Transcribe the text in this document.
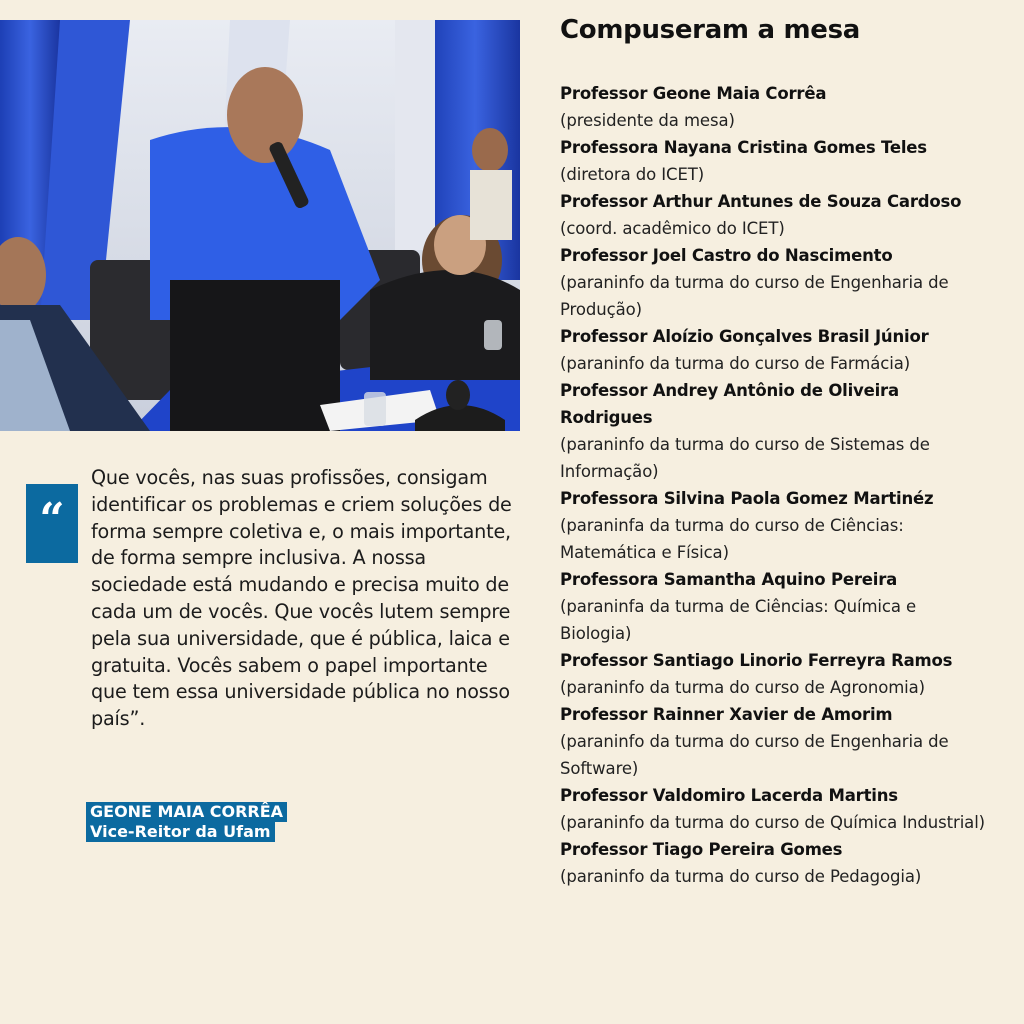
“

Que vocês, nas suas profissões, consigam identificar os problemas e criem soluções de forma sempre coletiva e, o mais importante, de forma sempre inclusiva. A nossa sociedade está mudando e precisa muito de cada um de vocês. Que vocês lutem sempre pela sua universidade, que é pública, laica e gratuita. Vocês sabem o papel importante que tem essa universidade pública no nosso país”.

GEONE MAIA CORRÊA
Vice-Reitor da Ufam
Compuseram a mesa
Professor Geone Maia Corrêa
(presidente da mesa)
Professora Nayana Cristina Gomes Teles
(diretora do ICET)
Professor Arthur Antunes de Souza Cardoso
(coord. acadêmico do ICET)
Professor Joel Castro do Nascimento
(paraninfo da turma do curso de Engenharia de Produção)
Professor Aloízio Gonçalves Brasil Júnior
(paraninfo da turma do curso de Farmácia)
Professor Andrey Antônio de Oliveira Rodrigues
(paraninfo da turma do curso de Sistemas de Informação)
Professora Silvina Paola Gomez Martinéz
(paraninfa da turma do curso de Ciências: Matemática e Física)
Professora Samantha Aquino Pereira
(paraninfa da turma de Ciências: Química e Biologia)
Professor Santiago Linorio Ferreyra Ramos
(paraninfo da turma do curso de Agronomia)
Professor Rainner Xavier de Amorim
(paraninfo da turma do curso de Engenharia de Software)
Professor Valdomiro Lacerda Martins
(paraninfo da turma do curso de Química Industrial)
Professor Tiago Pereira Gomes
(paraninfo da turma do curso de Pedagogia)
